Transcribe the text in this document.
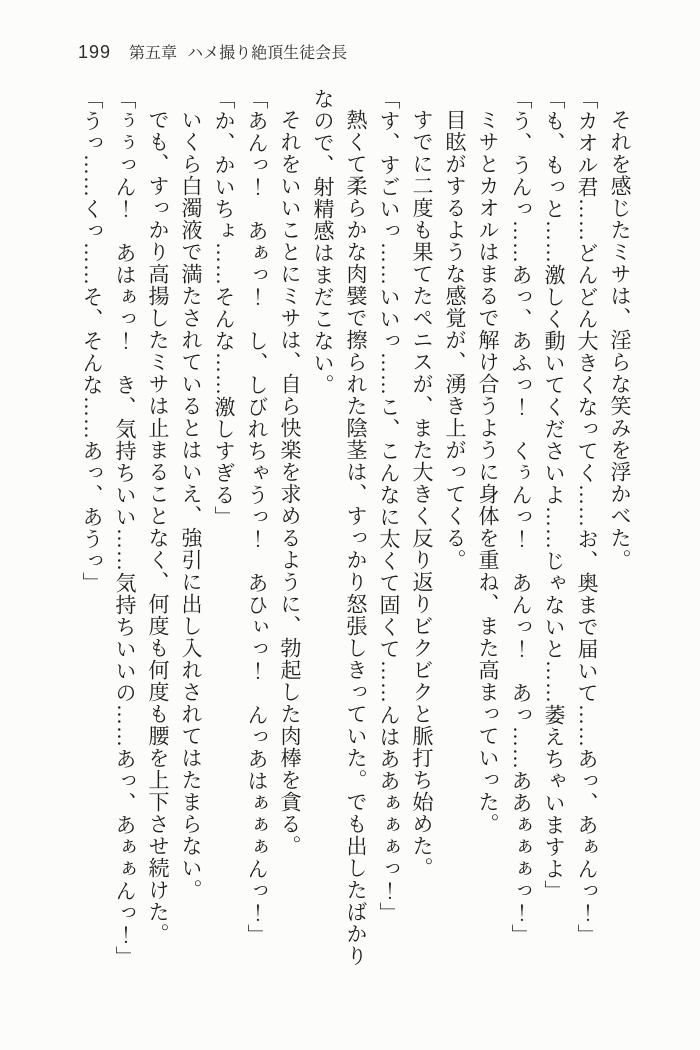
199 第五章 ハメ撮り絶頂生徒会長

それを感じたミサは、淫らな笑みを浮かべた。

「カオル君……どんどん大きくなってく……お、奥まで届いて……あっ、あぁんっ！」

「も、もっと……激しく動いてくださいよ……じゃないと……萎えちゃいますよ」

「う、うんっ……あっ、あふっ！　くぅんっ！　あんっ！　あっ……ああぁぁぁっ！」

ミサとカオルはまるで解け合うように身体を重ね、また高まっていった。

目眩がするような感覚が、湧き上がってくる。

すでに二度も果てたペニスが、また大きく反り返りビクビクと脈打ち始めた。

「す、すごいっ……いいっ……こ、こんなに太くて固くて……んはああぁぁぁっ！」

熱くて柔らかな肉襞で擦られた陰茎は、すっかり怒張しきっていた。でも出したばかり

なので、射精感はまだこない。

それをいいことにミサは、自ら快楽を求めるように、勃起した肉棒を貪る。

「あんっ！　あぁっ！　し、しびれちゃうっ！　あひぃっ！　んっあはぁぁぁんっ！」

「か、かいちょ……そんな……激しすぎる」

いくら白濁液で満たされているとはいえ、強引に出し入れされてはたまらない。

でも、すっかり高揚したミサは止まることなく、何度も何度も腰を上下させ続けた。

「ぅぅっん！　あはぁっ！　き、気持ちいい……気持ちいいの……あっ、あぁぁんっ！」

「うっ……くっ……そ、そんな……あっ、あうっ」
